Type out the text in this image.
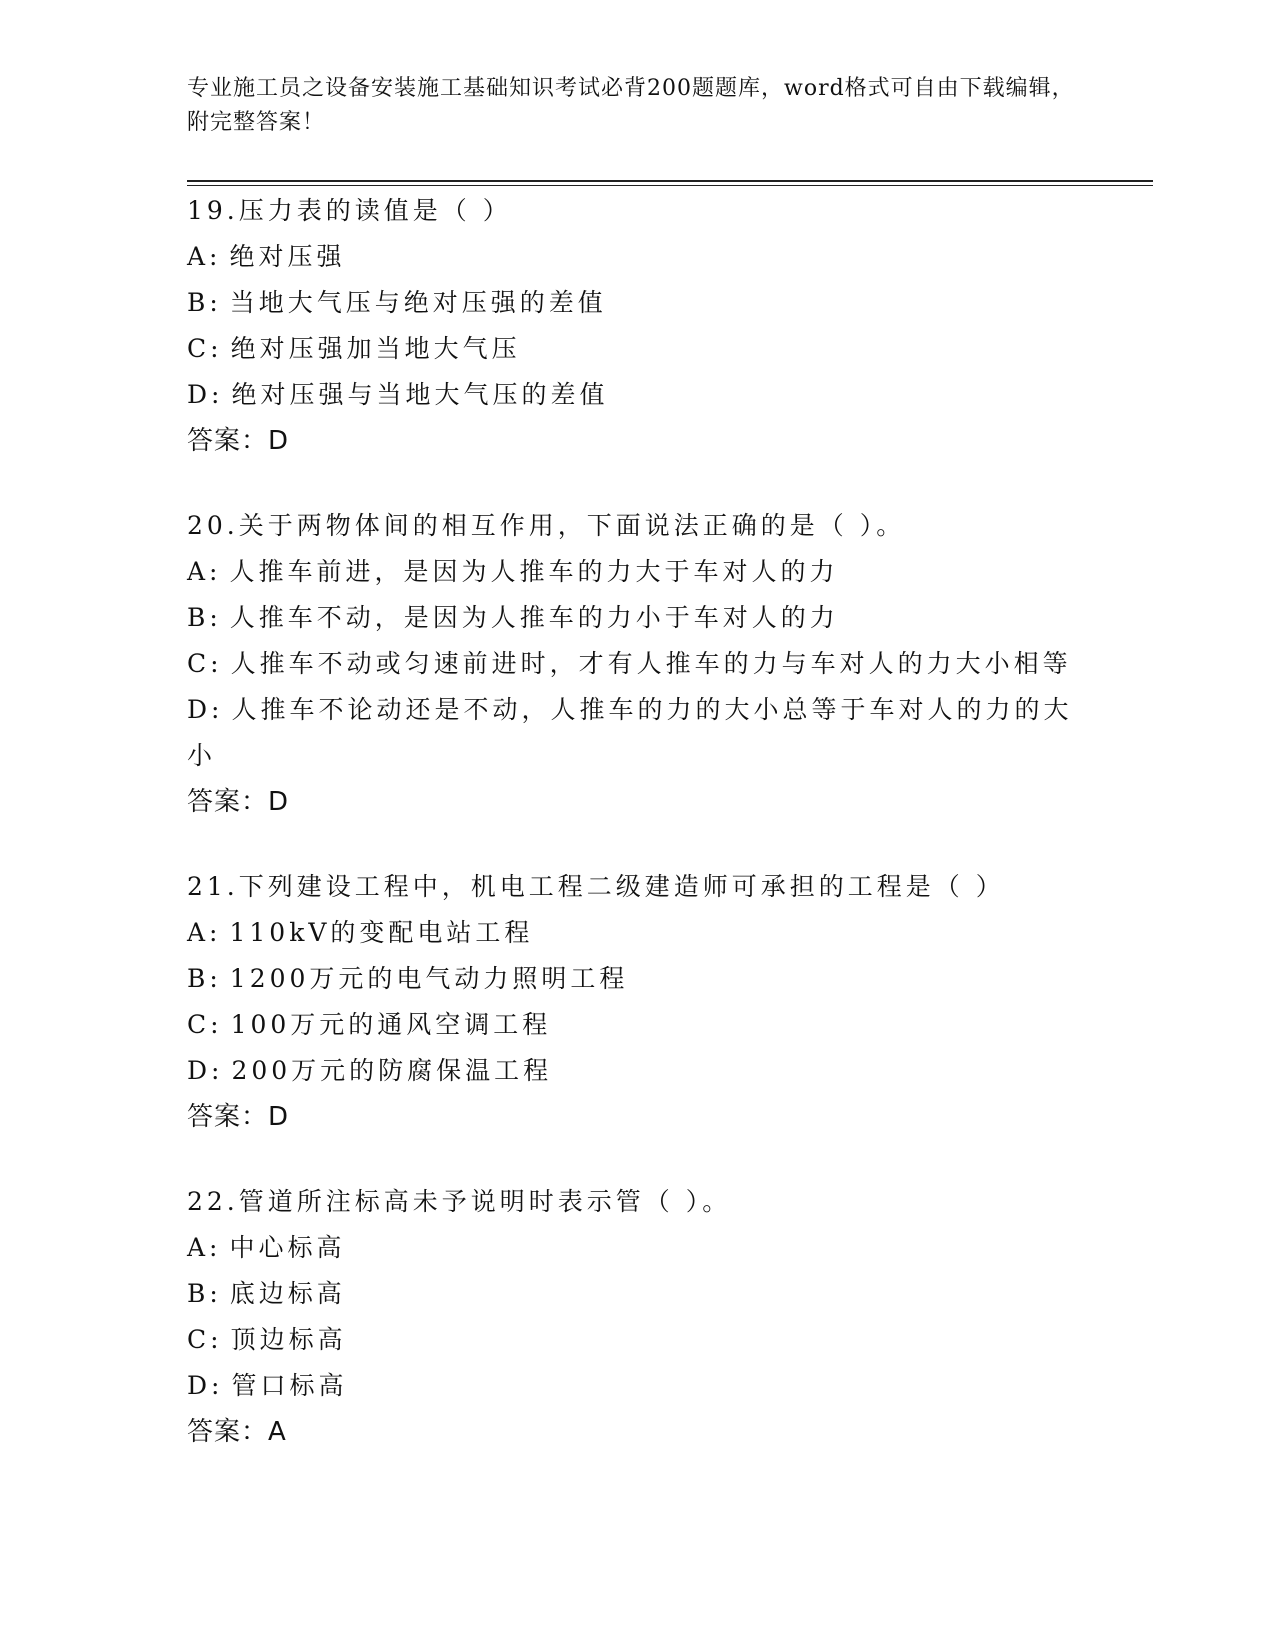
专业施工员之设备安装施工基础知识考试必背200题题库，word格式可自由下载编辑，附完整答案！

19.压力表的读值是（ ）

A: 绝对压强

B: 当地大气压与绝对压强的差值

C: 绝对压强加当地大气压

D: 绝对压强与当地大气压的差值

答案：D

20.关于两物体间的相互作用，下面说法正确的是（ ）。

A: 人推车前进，是因为人推车的力大于车对人的力

B: 人推车不动，是因为人推车的力小于车对人的力

C: 人推车不动或匀速前进时，才有人推车的力与车对人的力大小相等

D: 人推车不论动还是不动，人推车的力的大小总等于车对人的力的大小

答案：D

21.下列建设工程中，机电工程二级建造师可承担的工程是（ ）

A: 110kV的变配电站工程

B: 1200万元的电气动力照明工程

C: 100万元的通风空调工程

D: 200万元的防腐保温工程

答案：D

22.管道所注标高未予说明时表示管（ ）。

A: 中心标高

B: 底边标高

C: 顶边标高

D: 管口标高

答案：A
